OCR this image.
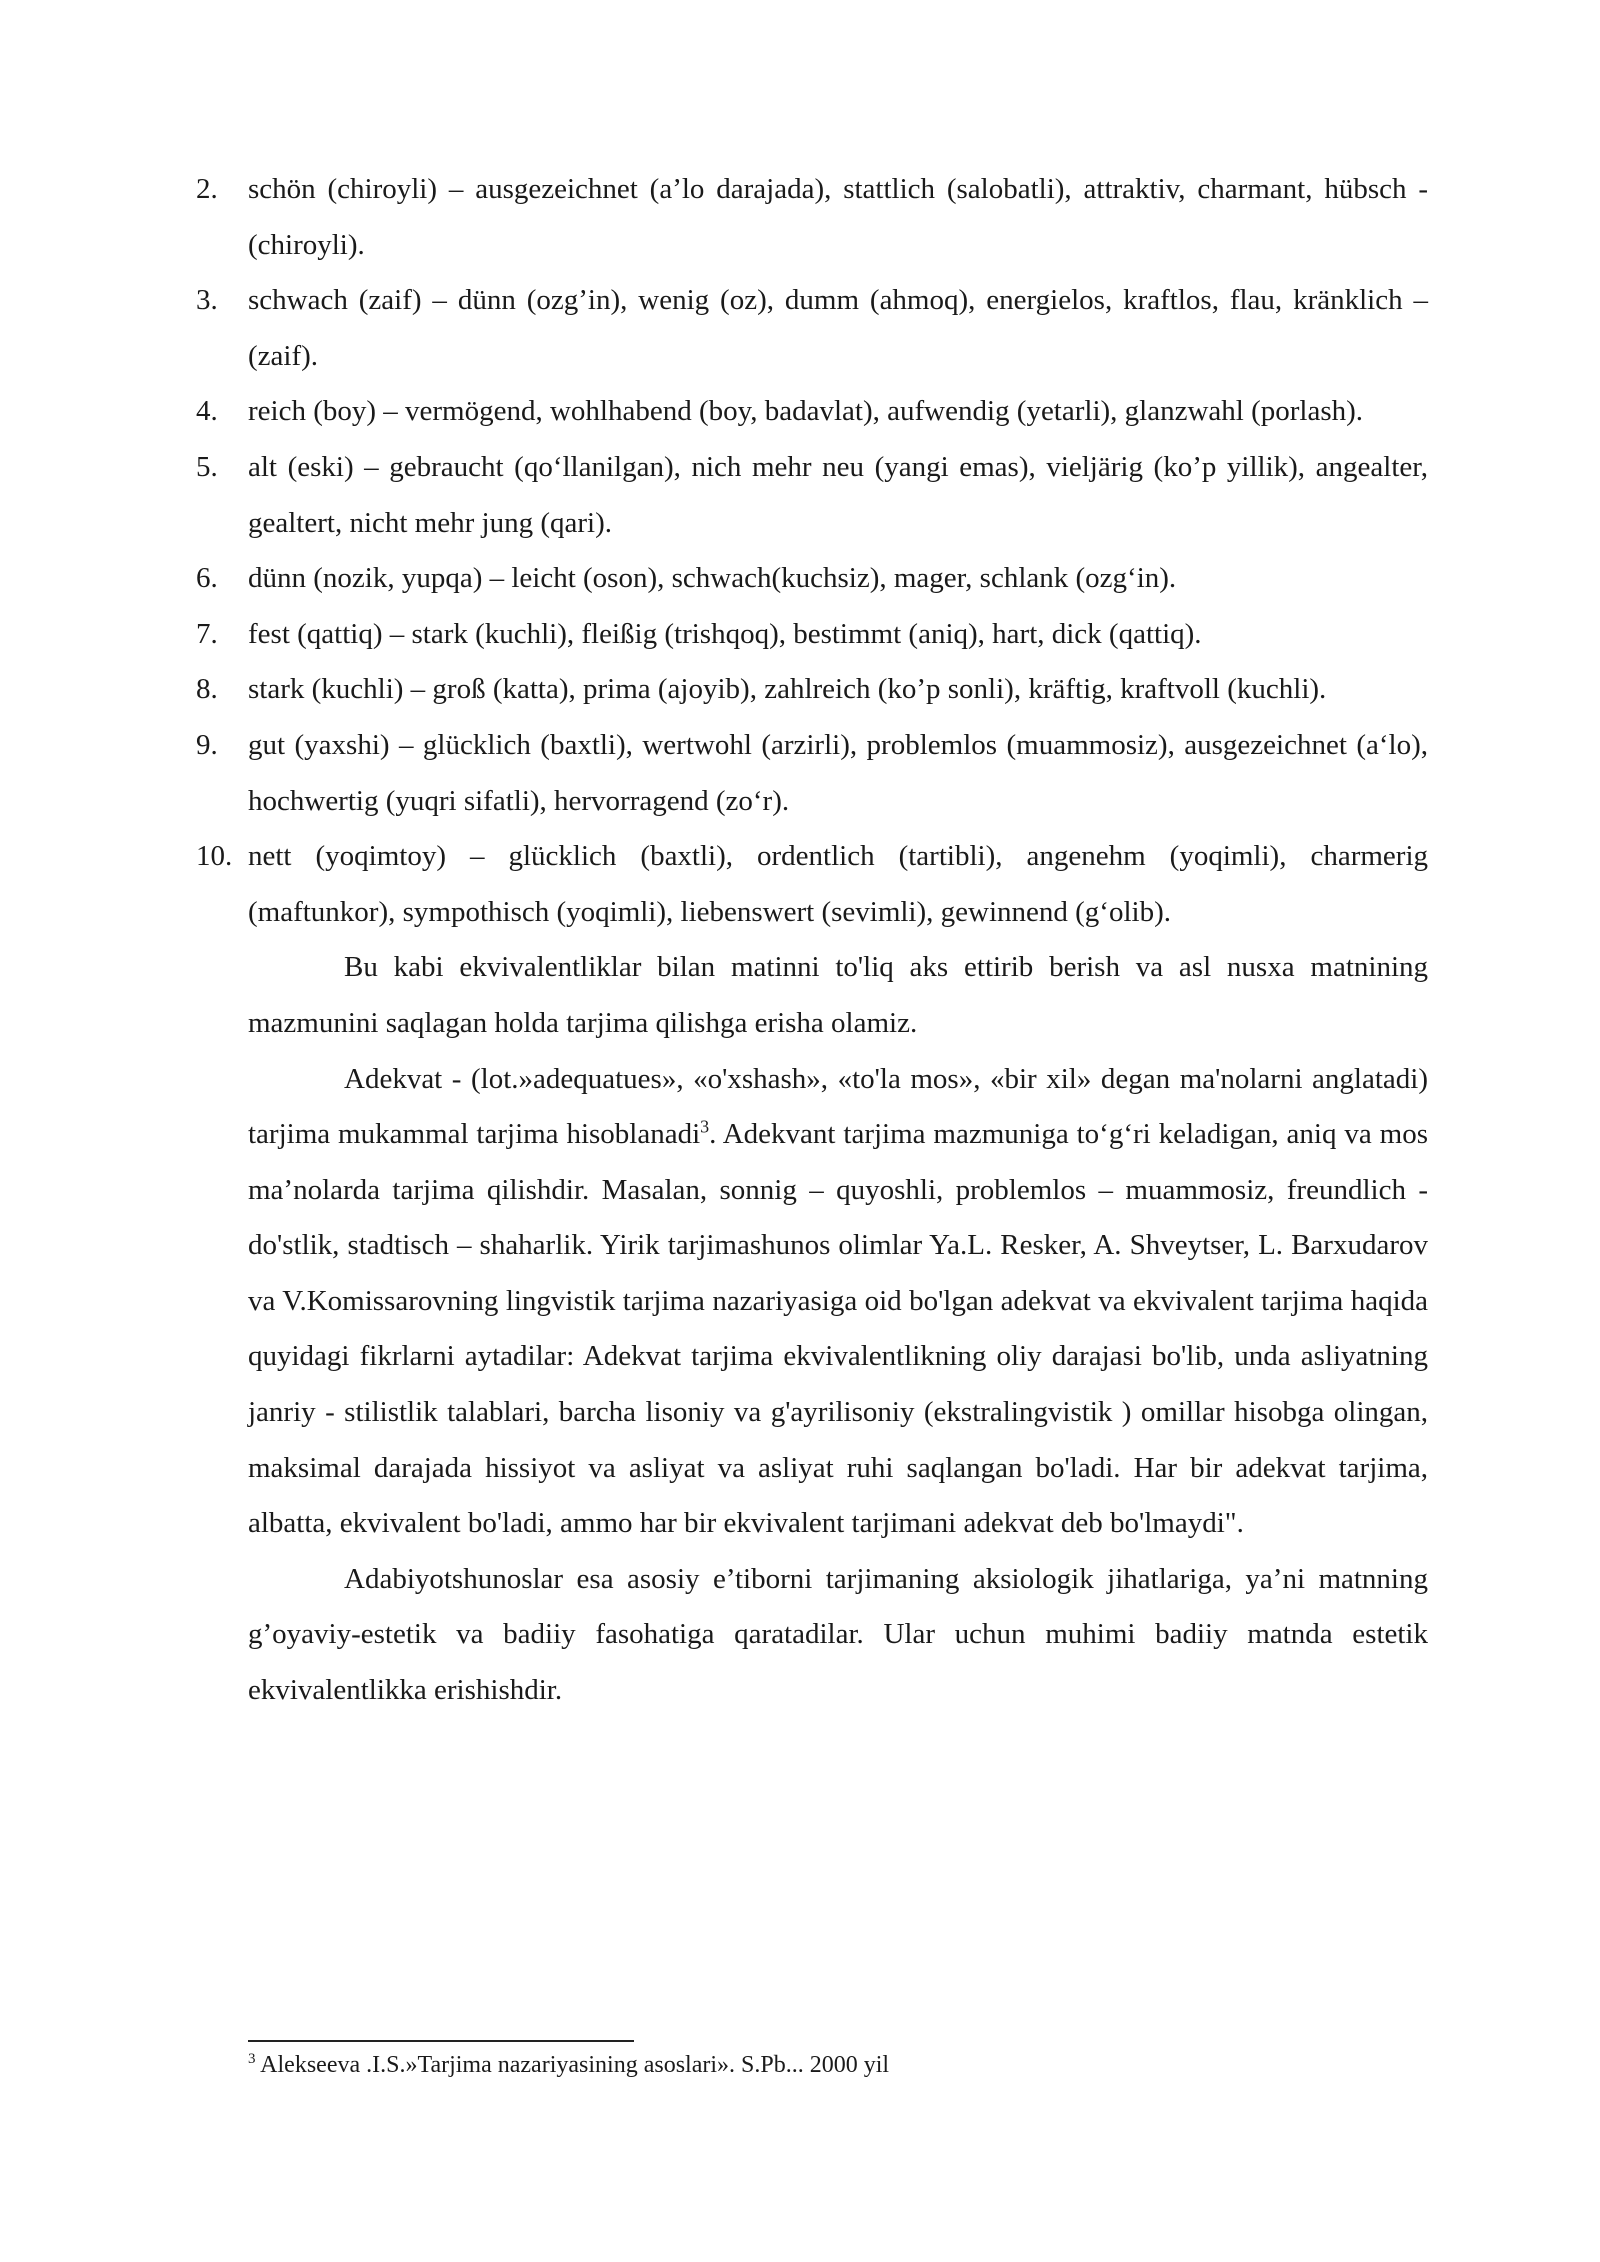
2. schön (chiroyli) – ausgezeichnet (a’lo darajada), stattlich (salobatli), attraktiv, charmant, hübsch -(chiroyli).
3. schwach (zaif) – dünn (ozg’in), wenig (oz), dumm (ahmoq), energielos, kraftlos, flau, kränklich – (zaif).
4. reich (boy) – vermögend, wohlhabend (boy, badavlat), aufwendig (yetarli), glanzwahl (porlash).
5. alt (eski) – gebraucht (qo‘llanilgan), nich mehr neu (yangi emas), vieljärig (ko’p yillik), angealter, gealtert, nicht mehr jung (qari).
6. dünn (nozik, yupqa) – leicht (oson), schwach(kuchsiz), mager, schlank (ozg‘in).
7. fest (qattiq) – stark (kuchli), fleißig (trishqoq), bestimmt (aniq), hart, dick (qattiq).
8. stark (kuchli) – groß (katta), prima (ajoyib), zahlreich (ko’p sonli), kräftig, kraftvoll (kuchli).
9. gut (yaxshi) – glücklich (baxtli), wertwohl (arzirli), problemlos (muammosiz), ausgezeichnet (a‘lo), hochwertig (yuqri sifatli), hervorragend (zo‘r).
10. nett (yoqimtoy) – glücklich (baxtli), ordentlich (tartibli), angenehm (yoqimli), charmerig (maftunkor), sympothisch (yoqimli), liebenswert (sevimli), gewinnend (g‘olib).

Bu kabi ekvivalentliklar bilan matinni to'liq aks ettirib berish va asl nusxa matnining mazmunini saqlagan holda tarjima qilishga erisha olamiz.

Adekvat - (lot.»adequatues», «o'xshash», «to'la mos», «bir xil» degan ma'nolarni anglatadi) tarjima mukammal tarjima hisoblanadi$^3$. Adekvant tarjima mazmuniga to‘g‘ri keladigan, aniq va mos ma’nolarda tarjima qilishdir. Masalan, sonnig – quyoshli, problemlos – muammosiz, freundlich - do'stlik, stadtisch – shaharlik. Yirik tarjimashunos olimlar Ya.L. Resker, A. Shveytser, L. Barxudarov va V.Komissarovning lingvistik tarjima nazariyasiga oid bo'lgan adekvat va ekvivalent tarjima haqida quyidagi fikrlarni aytadilar: Adekvat tarjima ekvivalentlikning oliy darajasi bo'lib, unda asliyatning janriy - stilistlik talablari, barcha lisoniy va g'ayrilisoniy (ekstralingvistik ) omillar hisobga olingan, maksimal darajada hissiyot va asliyat va asliyat ruhi saqlangan bo'ladi. Har bir adekvat tarjima, albatta, ekvivalent bo'ladi, ammo har bir ekvivalent tarjimani adekvat deb bo'lmaydi".

Adabiyotshunoslar esa asosiy e’tiborni tarjimaning aksiologik jihatlariga, ya’ni matnning g’oyaviy-estetik va badiiy fasohatiga qaratadilar. Ular uchun muhimi badiiy matnda estetik ekvivalentlikka erishishdir.

$^3$ Alekseeva .I.S.»Tarjima nazariyasining asoslari». S.Pb... 2000 yil
